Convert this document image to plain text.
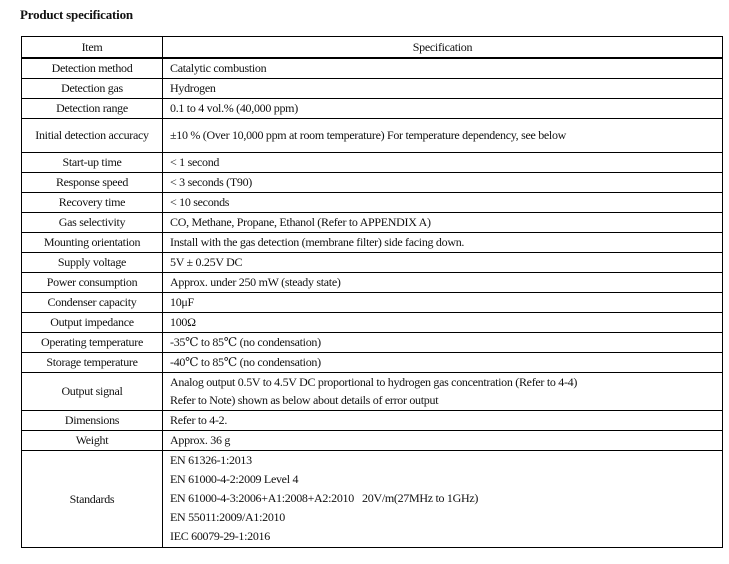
Product specification
Item	Specification
Detection method	Catalytic combustion
Detection gas	Hydrogen
Detection range	0.1 to 4 vol.% (40,000 ppm)
Initial detection accuracy	±10 % (Over 10,000 ppm at room temperature) For temperature dependency, see below
Start-up time	< 1 second
Response speed	< 3 seconds (T90)
Recovery time	< 10 seconds
Gas selectivity	CO, Methane, Propane, Ethanol (Refer to APPENDIX A)
Mounting orientation	Install with the gas detection (membrane filter) side facing down.
Supply voltage	5V ± 0.25V DC
Power consumption	Approx. under 250 mW (steady state)
Condenser capacity	10μF
Output impedance	100Ω
Operating temperature	-35℃ to 85℃ (no condensation)
Storage temperature	-40℃ to 85℃ (no condensation)
Output signal	Analog output 0.5V to 4.5V DC proportional to hydrogen gas concentration (Refer to 4-4)
Refer to Note) shown as below about details of error output

Dimensions	Refer to 4-2.
Weight	Approx. 36 g
Standards	EN 61326-1:2013
EN 61000-4-2:2009 Level 4
EN 61000-4-3:2006+A1:2008+A2:2010   20V/m(27MHz to 1GHz)
EN 55011:2009/A1:2010
IEC 60079-29-1:2016
